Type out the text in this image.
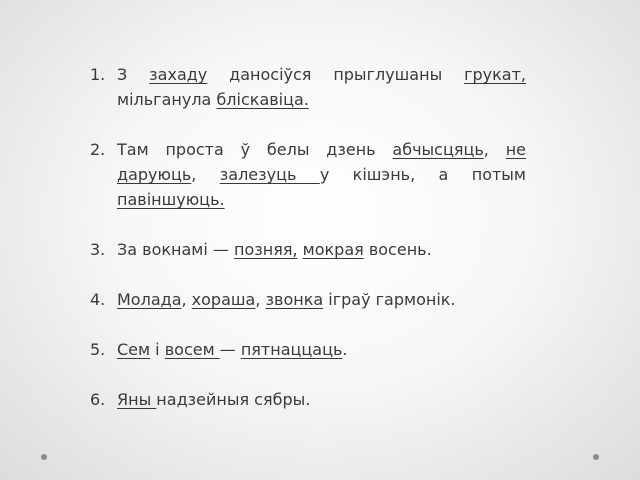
1. З захаду даносіўся прыглушаны грукат, мільганула бліскавіца.
2. Там проста ў белы дзень абчысцяць, не даруюць, залезуць у кішэнь, а потым павіншуюць.
3. За вокнамі — позняя, мокрая восень.
4. Молада, хораша, звонка іграў гармонік.
5. Сем і восем — пятнаццаць.
6. Яны надзейныя сябры.
